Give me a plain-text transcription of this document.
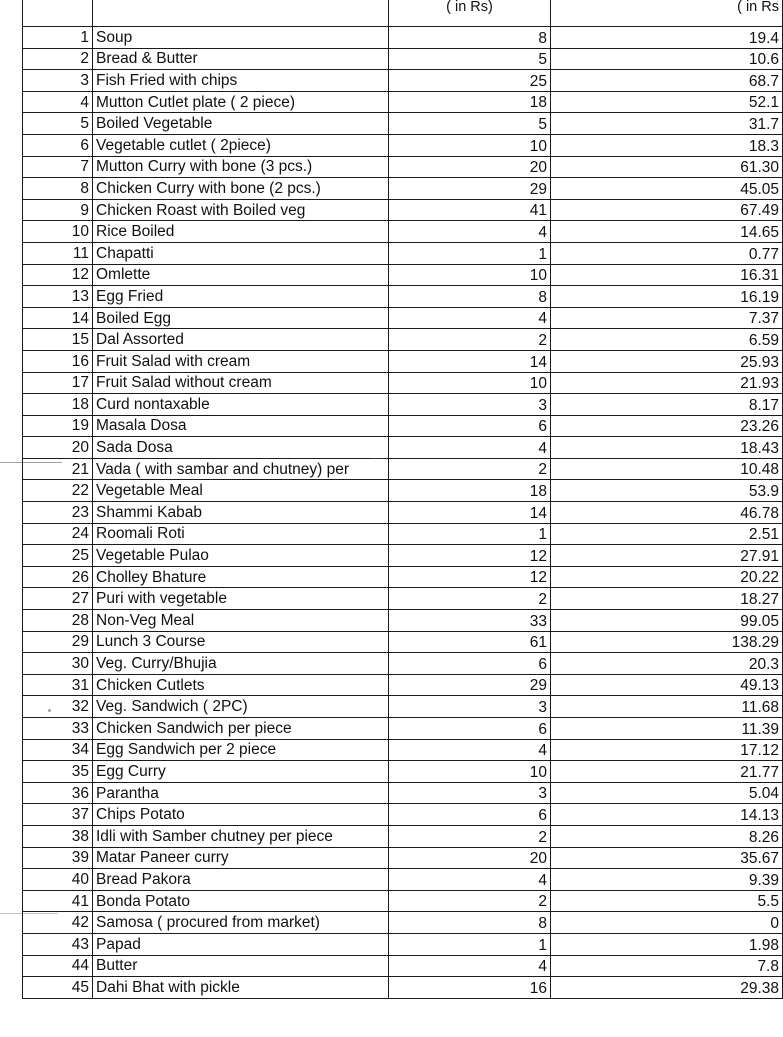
		( in Rs)	( in Rs
1	Soup	8	19.4
2	Bread & Butter	5	10.6
3	Fish Fried with chips	25	68.7
4	Mutton Cutlet plate ( 2 piece)	18	52.1
5	Boiled Vegetable	5	31.7
6	Vegetable cutlet ( 2piece)	10	18.3
7	Mutton Curry with bone (3 pcs.)	20	61.30
8	Chicken Curry with bone (2 pcs.)	29	45.05
9	Chicken Roast with Boiled veg	41	67.49
10	Rice Boiled	4	14.65
11	Chapatti	1	0.77
12	Omlette	10	16.31
13	Egg Fried	8	16.19
14	Boiled Egg	4	7.37
15	Dal Assorted	2	6.59
16	Fruit Salad with cream	14	25.93
17	Fruit Salad without cream	10	21.93
18	Curd nontaxable	3	8.17
19	Masala Dosa	6	23.26
20	Sada Dosa	4	18.43
21	Vada ( with sambar and chutney) per	2	10.48
22	Vegetable Meal	18	53.9
23	Shammi Kabab	14	46.78
24	Roomali Roti	1	2.51
25	Vegetable Pulao	12	27.91
26	Cholley Bhature	12	20.22
27	Puri with vegetable	2	18.27
28	Non-Veg Meal	33	99.05
29	Lunch 3 Course	61	138.29
30	Veg. Curry/Bhujia	6	20.3
31	Chicken Cutlets	29	49.13
32	Veg. Sandwich ( 2PC)	3	11.68
33	Chicken Sandwich per piece	6	11.39
34	Egg Sandwich per 2 piece	4	17.12
35	Egg Curry	10	21.77
36	Parantha	3	5.04
37	Chips Potato	6	14.13
38	Idli with Samber chutney per piece	2	8.26
39	Matar Paneer curry	20	35.67
40	Bread Pakora	4	9.39
41	Bonda Potato	2	5.5
42	Samosa ( procured from market)	8	0
43	Papad	1	1.98
44	Butter	4	7.8
45	Dahi Bhat with pickle	16	29.38
